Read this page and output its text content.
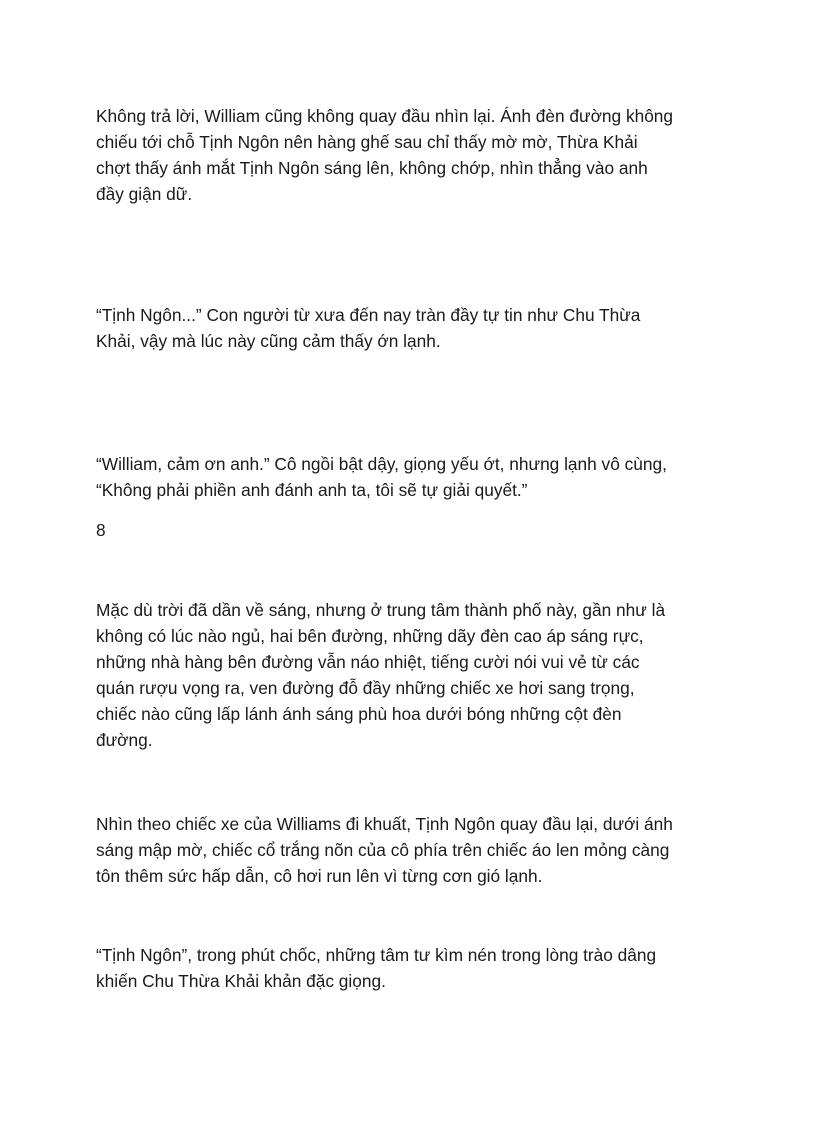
Không trả lời, William cũng không quay đầu nhìn lại. Ánh đèn đường không
chiếu tới chỗ Tịnh Ngôn nên hàng ghế sau chỉ thấy mờ mờ, Thừa Khải
chợt thấy ánh mắt Tịnh Ngôn sáng lên, không chớp, nhìn thẳng vào anh
đầy giận dữ.

“Tịnh Ngôn...” Con người từ xưa đến nay tràn đầy tự tin như Chu Thừa
Khải, vậy mà lúc này cũng cảm thấy ớn lạnh.

“William, cảm ơn anh.” Cô ngồi bật dậy, giọng yếu ớt, nhưng lạnh vô cùng,
“Không phải phiền anh đánh anh ta, tôi sẽ tự giải quyết.”

8

Mặc dù trời đã dần về sáng, nhưng ở trung tâm thành phố này, gần như là
không có lúc nào ngủ, hai bên đường, những dãy đèn cao áp sáng rực,
những nhà hàng bên đường vẫn náo nhiệt, tiếng cười nói vui vẻ từ các
quán rượu vọng ra, ven đường đỗ đầy những chiếc xe hơi sang trọng,
chiếc nào cũng lấp lánh ánh sáng phù hoa dưới bóng những cột đèn
đường.

Nhìn theo chiếc xe của Williams đi khuất, Tịnh Ngôn quay đầu lại, dưới ánh
sáng mập mờ, chiếc cổ trắng nõn của cô phía trên chiếc áo len mỏng càng
tôn thêm sức hấp dẫn, cô hơi run lên vì từng cơn gió lạnh.

“Tịnh Ngôn”, trong phút chốc, những tâm tư kìm nén trong lòng trào dâng
khiến Chu Thừa Khải khản đặc giọng.
